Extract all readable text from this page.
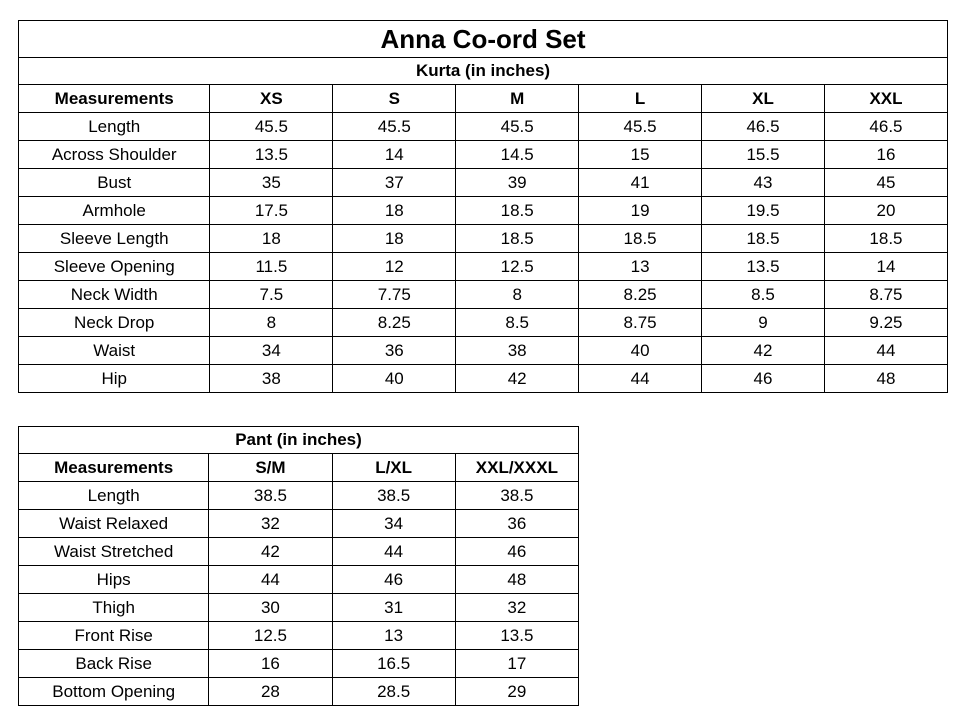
Anna Co-ord Set						
Kurta (in inches)						
Measurements	XS	S	M	L	XL	XXL
Length	45.5	45.5	45.5	45.5	46.5	46.5
Across Shoulder	13.5	14	14.5	15	15.5	16
Bust	35	37	39	41	43	45
Armhole	17.5	18	18.5	19	19.5	20
Sleeve Length	18	18	18.5	18.5	18.5	18.5
Sleeve Opening	11.5	12	12.5	13	13.5	14
Neck Width	7.5	7.75	8	8.25	8.5	8.75
Neck Drop	8	8.25	8.5	8.75	9	9.25
Waist	34	36	38	40	42	44
Hip	38	40	42	44	46	48
Pant (in inches)			
Measurements	S/M	L/XL	XXL/XXXL
Length	38.5	38.5	38.5
Waist Relaxed	32	34	36
Waist Stretched	42	44	46
Hips	44	46	48
Thigh	30	31	32
Front Rise	12.5	13	13.5
Back Rise	16	16.5	17
Bottom Opening	28	28.5	29
